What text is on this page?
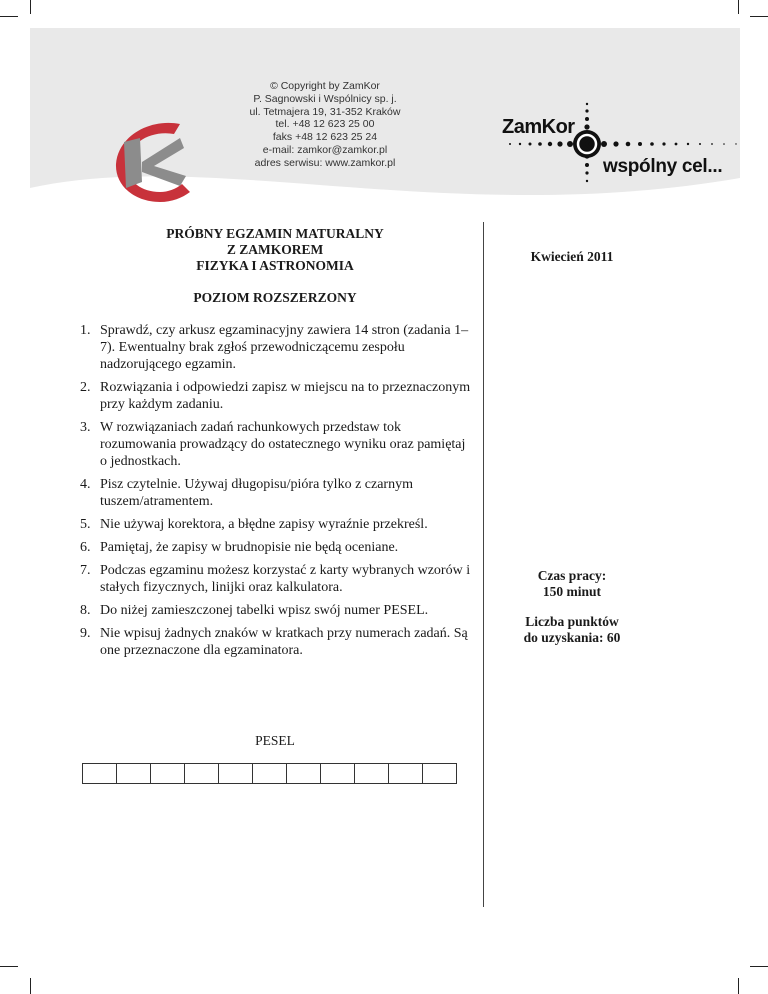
© Copyright by ZamKor
P. Sagnowski i Wspólnicy sp. j.
ul. Tetmajera 19, 31-352 Kraków
tel. +48 12 623 25 00
faks +48 12 623 25 24
e-mail: zamkor@zamkor.pl
adres serwisu: www.zamkor.pl
ZamKor
wspólny cel...
PRÓBNY EGZAMIN MATURALNY
Z ZAMKOREM
FIZYKA I ASTRONOMIA
POZIOM ROZSZERZONY
Kwiecień 2011
1. Sprawdź, czy arkusz egzaminacyjny zawiera 14 stron (zadania 1–7). Ewentualny brak zgłoś przewodniczącemu zespołu nadzorującego egzamin.
2. Rozwiązania i odpowiedzi zapisz w miejscu na to przeznaczonym przy każdym zadaniu.
3. W rozwiązaniach zadań rachunkowych przedstaw tok rozumowania prowadzący do ostatecznego wyniku oraz pamiętaj o jednostkach.
4. Pisz czytelnie. Używaj długopisu/pióra tylko z czarnym tuszem/atramentem.
5. Nie używaj korektora, a błędne zapisy wyraźnie przekreśl.
6. Pamiętaj, że zapisy w brudnopisie nie będą oceniane.
7. Podczas egzaminu możesz korzystać z karty wybranych wzorów i stałych fizycznych, linijki oraz kalkulatora.
8. Do niżej zamieszczonej tabelki wpisz swój numer PESEL.
9. Nie wpisuj żadnych znaków w kratkach przy numerach zadań. Są one przeznaczone dla egzaminatora.
Czas pracy:
150 minut
Liczba punktów
do uzyskania: 60
PESEL
